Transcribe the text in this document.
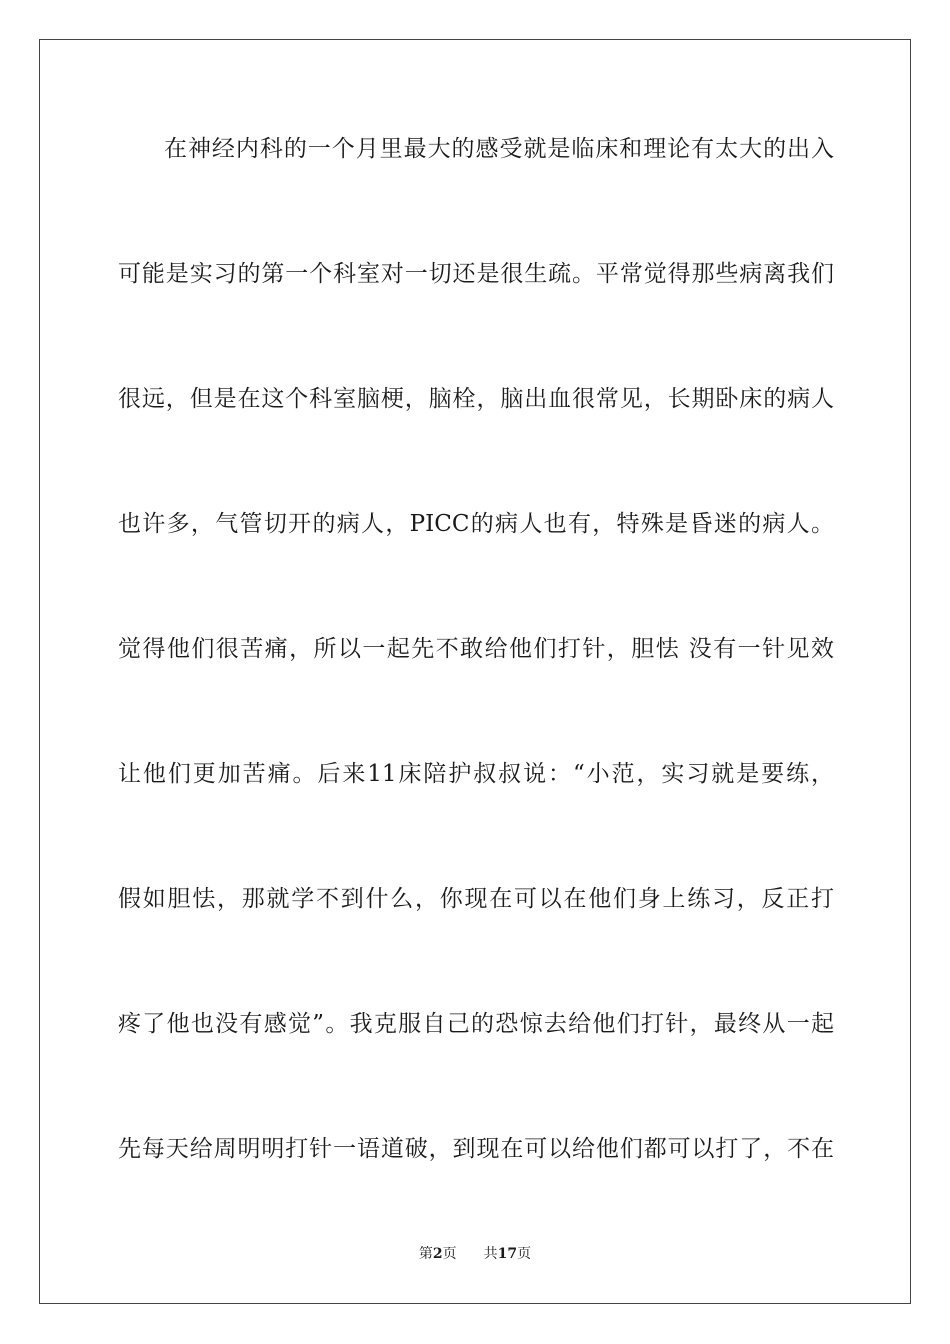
在神经内科的一个月里最大的感受就是临床和理论有太大的出入
可能是实习的第一个科室对一切还是很生疏。平常觉得那些病离我们
很远，但是在这个科室脑梗，脑栓，脑出血很常见，长期卧床的病人
也许多，气管切开的病人，PICC的病人也有，特殊是昏迷的病人。
觉得他们很苦痛，所以一起先不敢给他们打针，胆怯 没有一针见效
让他们更加苦痛。后来11床陪护叔叔说：“小范，实习就是要练，
假如胆怯，那就学不到什么，你现在可以在他们身上练习，反正打
疼了他也没有感觉”。我克服自己的恐惊去给他们打针，最终从一起
先每天给周明明打针一语道破，到现在可以给他们都可以打了，不在
第2页 共17页
